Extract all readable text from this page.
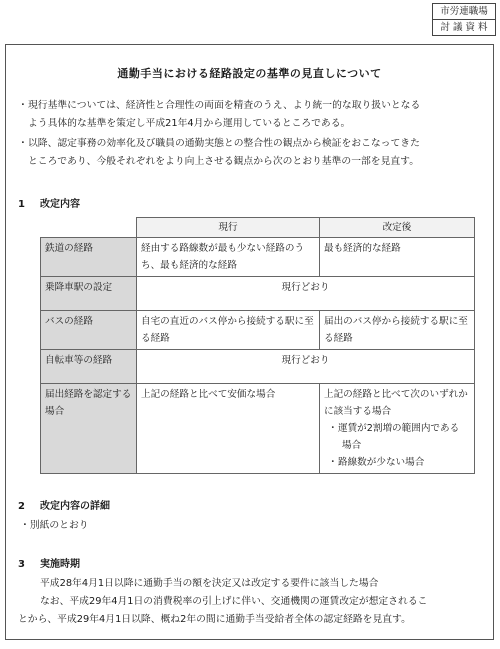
市労連職場
討 議 資 料
通勤手当における経路設定の基準の見直しについて
・現行基準については、経済性と合理性の両面を精査のうえ、より統一的な取り扱いとなる
よう具体的な基準を策定し平成21年4月から運用しているところである。
・以降、認定事務の効率化及び職員の通勤実態との整合性の観点から検証をおこなってきた
ところであり、今般それぞれをより向上させる観点から次のとおり基準の一部を見直す。
1 改定内容
	現行	改定後
鉄道の経路	経由する路線数が最も少ない経路のうち、最も経済的な経路	最も経済的な経路
乗降車駅の設定	現行どおり	
バスの経路	自宅の直近のバス停から接続する駅に至る経路	届出のバス停から接続する駅に至る経路
自転車等の経路	現行どおり	
届出経路を認定する場合	上記の経路と比べて安価な場合	上記の経路と比べて次のいずれかに該当する場合
・運賃が2割増の範囲内である
場合
・路線数が少ない場合
2 改定内容の詳細
・別紙のとおり
3 実施時期
平成28年4月1日以降に通勤手当の額を決定又は改定する要件に該当した場合
なお、平成29年4月1日の消費税率の引上げに伴い、交通機関の運賃改定が想定されるこ
とから、平成29年4月1日以降、概ね2年の間に通勤手当受給者全体の認定経路を見直す。
